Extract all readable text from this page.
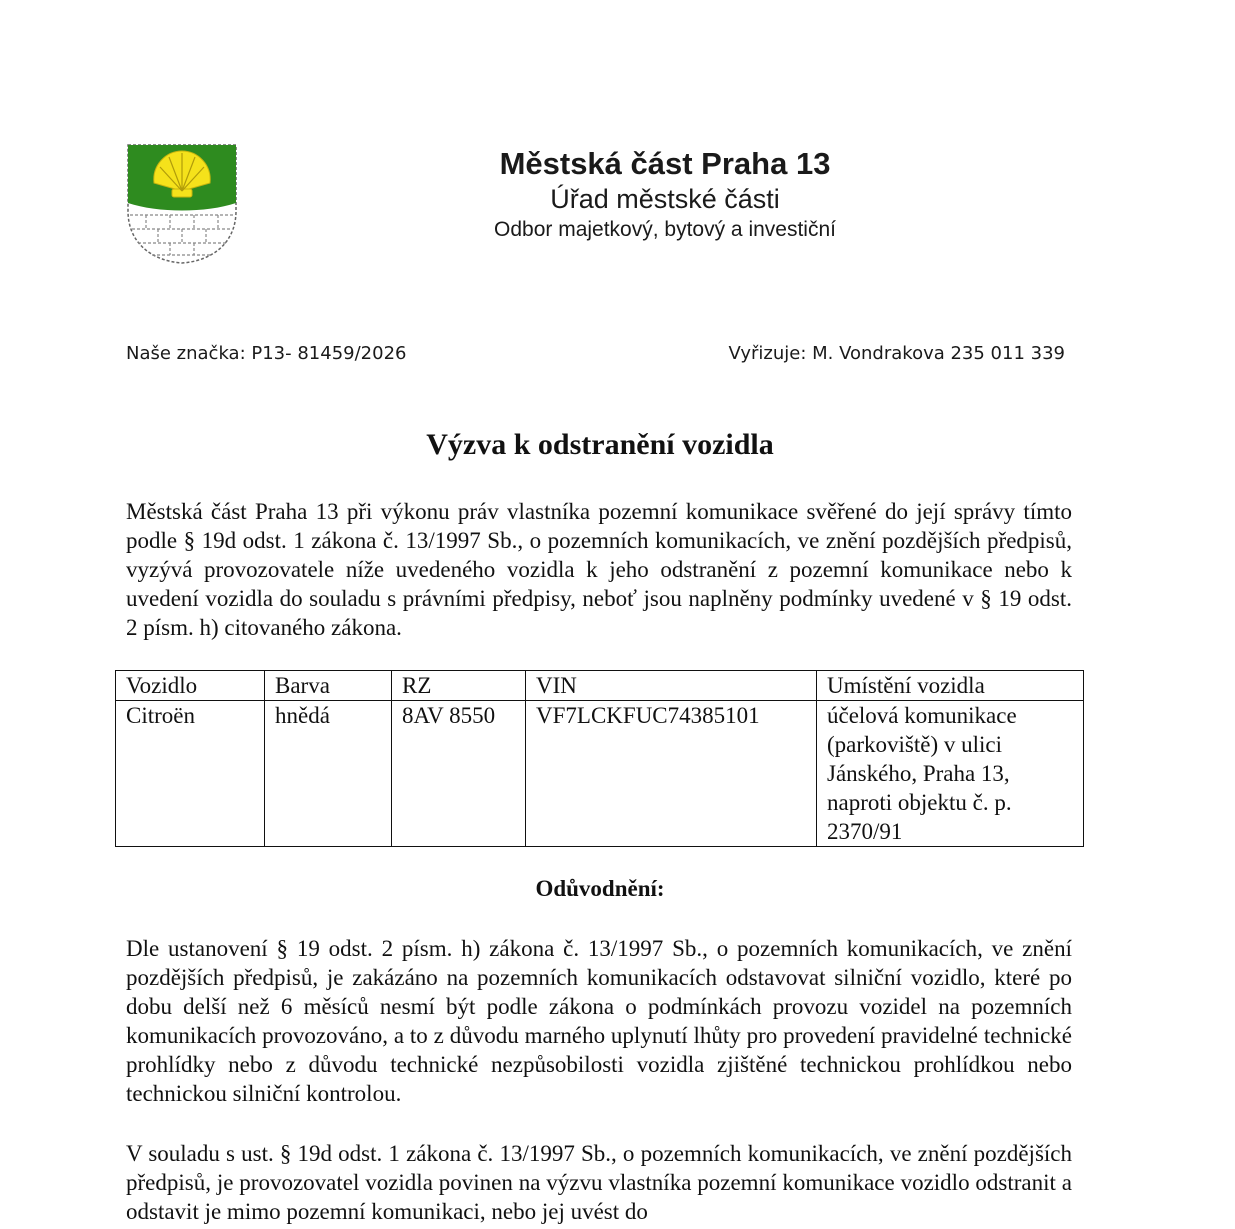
Městská část Praha 13
Úřad městské části
Odbor majetkový, bytový a investiční
Naše značka: P13- 81459/2026	Vyřizuje: M. Vondrakova 235 011 339
Výzva k odstranění vozidla
Městská část Praha 13 při výkonu práv vlastníka pozemní komunikace svěřené do její správy tímto podle § 19d odst. 1 zákona č. 13/1997 Sb., o pozemních komunikacích, ve znění pozdějších předpisů, vyzývá provozovatele níže uvedeného vozidla k jeho odstranění z pozemní komunikace nebo k uvedení vozidla do souladu s právními předpisy, neboť jsou naplněny podmínky uvedené v § 19 odst. 2 písm. h) citovaného zákona.
Vozidlo	Barva	RZ	VIN	Umístění vozidla
Citroën	hnědá	8AV 8550	VF7LCKFUC74385101	účelová komunikace (parkoviště) v ulici Jánského, Praha 13, naproti objektu č. p. 2370/91
Odůvodnění:
Dle ustanovení § 19 odst. 2 písm. h) zákona č. 13/1997 Sb., o pozemních komunikacích, ve znění pozdějších předpisů, je zakázáno na pozemních komunikacích odstavovat silniční vozidlo, které po dobu delší než 6 měsíců nesmí být podle zákona o podmínkách provozu vozidel na pozemních komunikacích provozováno, a to z důvodu marného uplynutí lhůty pro provedení pravidelné technické prohlídky nebo z důvodu technické nezpůsobilosti vozidla zjištěné technickou prohlídkou nebo technickou silniční kontrolou.
V souladu s ust. § 19d odst. 1 zákona č. 13/1997 Sb., o pozemních komunikacích, ve znění pozdějších předpisů, je provozovatel vozidla povinen na výzvu vlastníka pozemní komunikace vozidlo odstranit a odstavit je mimo pozemní komunikaci, nebo jej uvést do
